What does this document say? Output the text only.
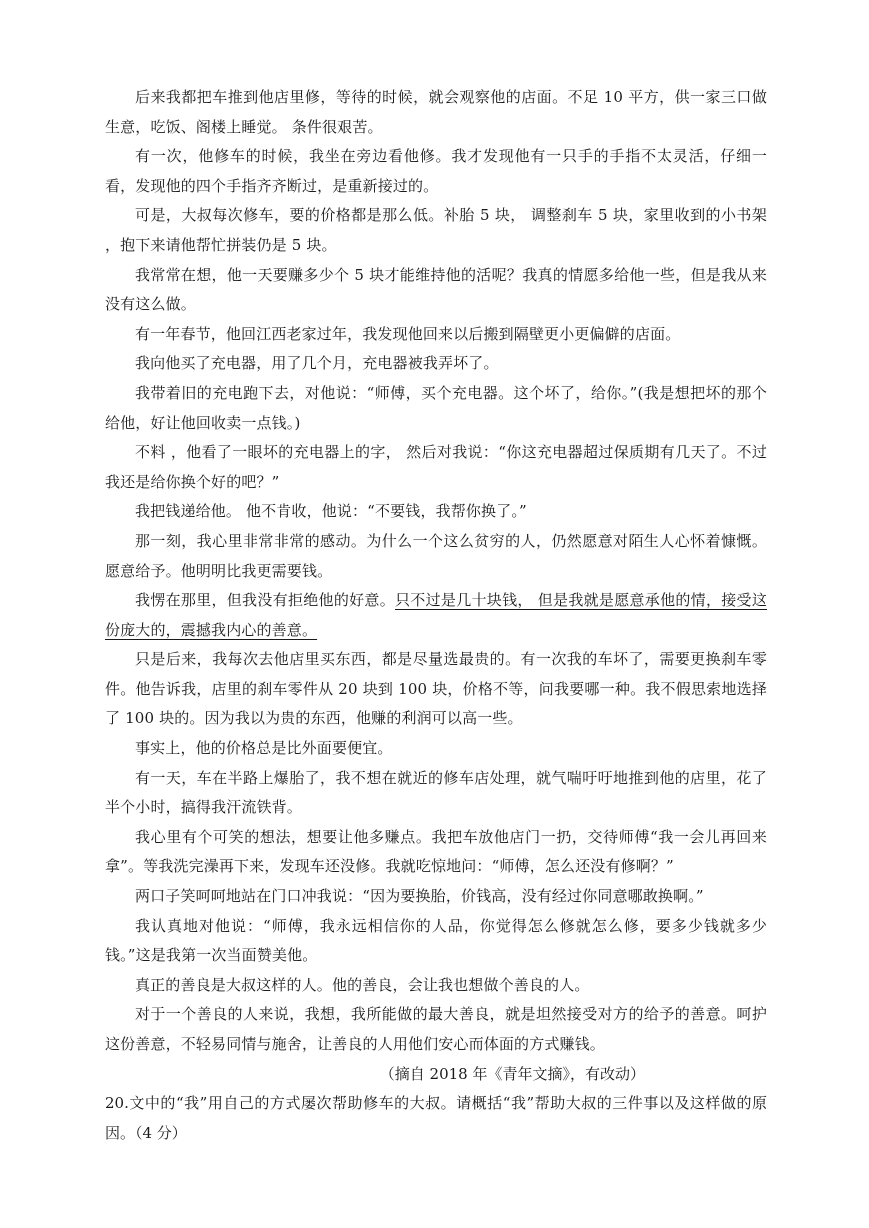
后来我都把车推到他店里修，等待的时候，就会观察他的店面。不足 10 平方，供一家三口做生意，吃饭、阁楼上睡觉。 条件很艰苦。

有一次，他修车的时候，我坐在旁边看他修。我才发现他有一只手的手指不太灵活，仔细一看，发现他的四个手指齐齐断过，是重新接过的。

可是，大叔每次修车，要的价格都是那么低。补胎 5 块， 调整刹车 5 块，家里收到的小书架 ，抱下来请他帮忙拼装仍是 5 块。

我常常在想，他一天要赚多少个 5 块才能维持他的活呢？我真的情愿多给他一些，但是我从来没有这么做。

有一年春节，他回江西老家过年，我发现他回来以后搬到隔壁更小更偏僻的店面。

我向他买了充电器，用了几个月，充电器被我弄坏了。

我带着旧的充电跑下去，对他说：“师傅，买个充电器。这个坏了，给你。”(我是想把坏的那个给他，好让他回收卖一点钱。)

不料 ，他看了一眼坏的充电器上的字， 然后对我说：“你这充电器超过保质期有几天了。不过我还是给你换个好的吧？”

我把钱递给他。 他不肯收，他说：“不要钱，我帮你换了。”

那一刻，我心里非常非常的感动。为什么一个这么贫穷的人，仍然愿意对陌生人心怀着慷慨。愿意给予。他明明比我更需要钱。

我愣在那里，但我没有拒绝他的好意。只不过是几十块钱， 但是我就是愿意承他的情，接受这份庞大的，震撼我内心的善意。

只是后来，我每次去他店里买东西，都是尽量选最贵的。有一次我的车坏了，需要更换刹车零件。他告诉我，店里的刹车零件从 20 块到 100 块，价格不等，问我要哪一种。我不假思索地选择了 100 块的。因为我以为贵的东西，他赚的利润可以高一些。

事实上，他的价格总是比外面要便宜。

有一天，车在半路上爆胎了，我不想在就近的修车店处理，就气喘吁吁地推到他的店里，花了半个小时，搞得我汗流铁背。

我心里有个可笑的想法，想要让他多赚点。我把车放他店门一扔，交待师傅“我一会儿再回来拿”。等我洗完澡再下来，发现车还没修。我就吃惊地问：“师傅，怎么还没有修啊？”

两口子笑呵呵地站在门口冲我说：“因为要换胎，价钱高，没有经过你同意哪敢换啊。”

我认真地对他说：“师傅，我永远相信你的人品，你觉得怎么修就怎么修，要多少钱就多少钱。”这是我第一次当面赞美他。

真正的善良是大叔这样的人。他的善良，会让我也想做个善良的人。

对于一个善良的人来说，我想，我所能做的最大善良，就是坦然接受对方的给予的善意。呵护这份善意，不轻易同情与施舍，让善良的人用他们安心而体面的方式赚钱。

（摘自 2018 年《青年文摘》，有改动）

20.文中的“我”用自己的方式屡次帮助修车的大叔。请概括“我”帮助大叔的三件事以及这样做的原因。（4 分）
